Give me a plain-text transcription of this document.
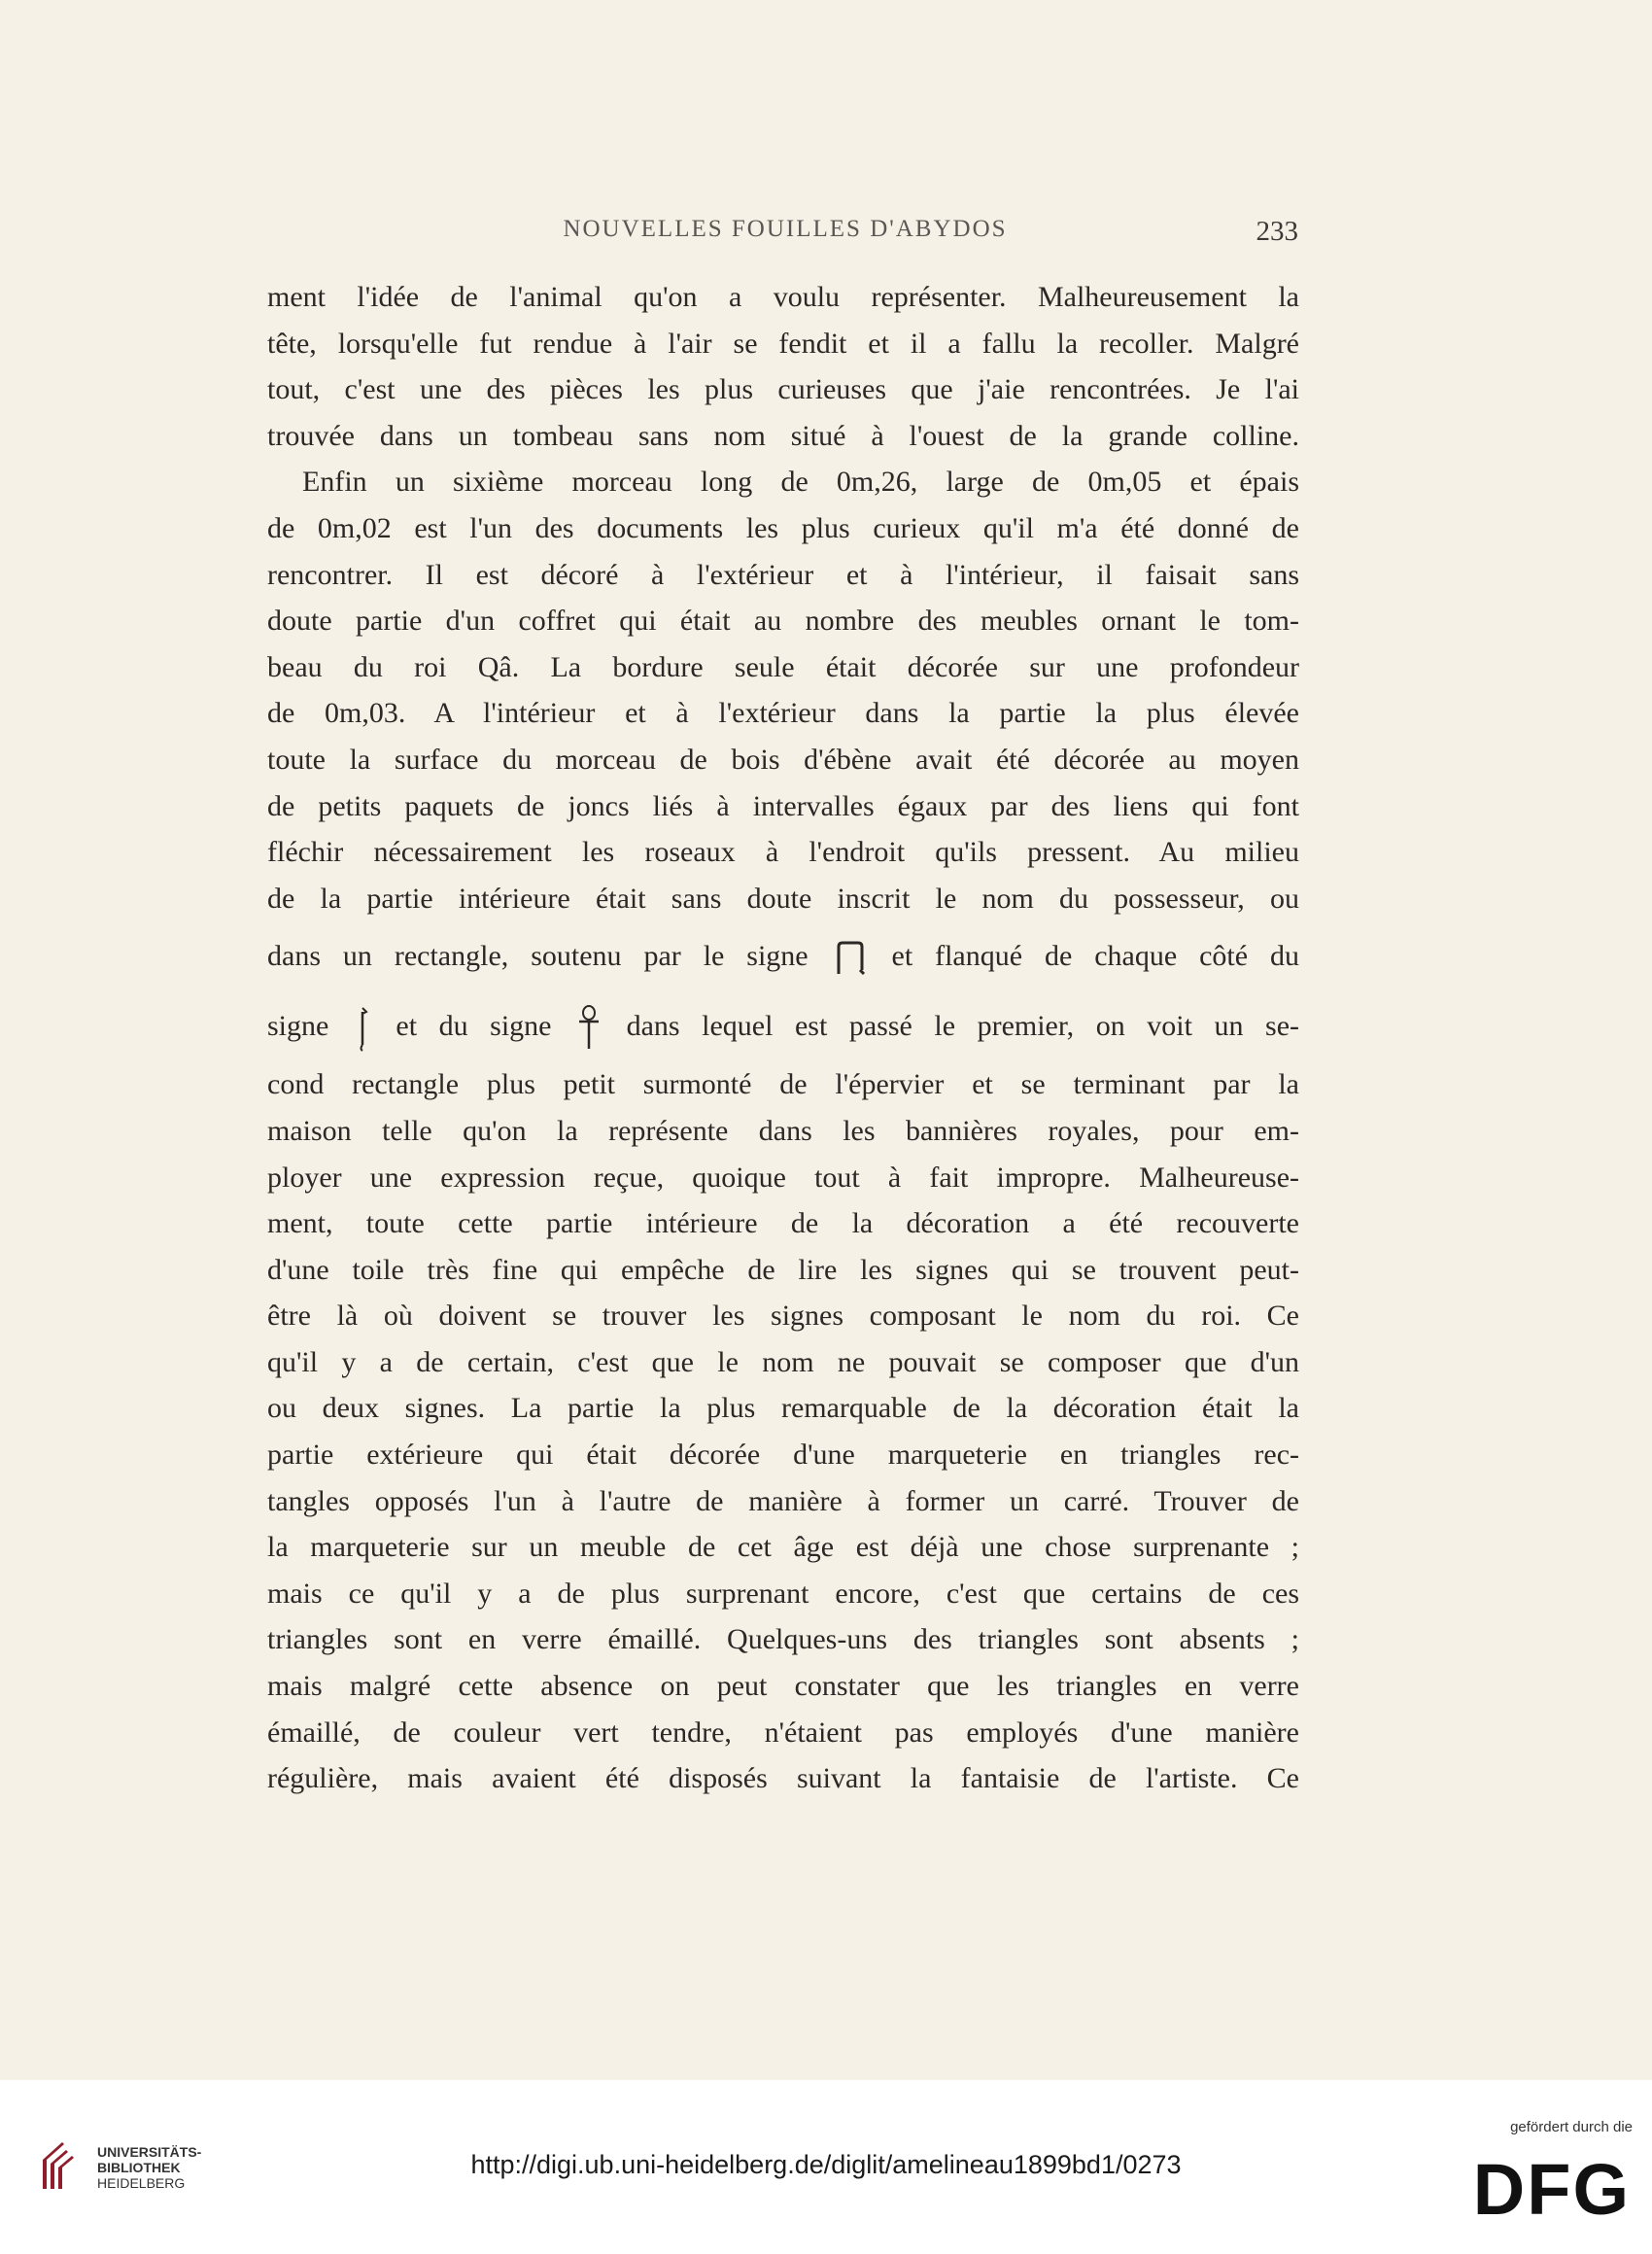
NOUVELLES FOUILLES D'ABYDOS	233
ment l'idée de l'animal qu'on a voulu représenter. Malheureusement la
tête, lorsqu'elle fut rendue à l'air se fendit et il a fallu la recoller. Malgré
tout, c'est une des pièces les plus curieuses que j'aie rencontrées. Je l'ai
trouvée dans un tombeau sans nom situé à l'ouest de la grande colline.
Enfin un sixième morceau long de 0m,26, large de 0m,05 et épais
de 0m,02 est l'un des documents les plus curieux qu'il m'a été donné de
rencontrer. Il est décoré à l'extérieur et à l'intérieur, il faisait sans
doute partie d'un coffret qui était au nombre des meubles ornant le tom-
beau du roi Qâ. La bordure seule était décorée sur une profondeur
de 0m,03. A l'intérieur et à l'extérieur dans la partie la plus élevée
toute la surface du morceau de bois d'ébène avait été décorée au moyen
de petits paquets de joncs liés à intervalles égaux par des liens qui font
fléchir nécessairement les roseaux à l'endroit qu'ils pressent. Au milieu
de la partie intérieure était sans doute inscrit le nom du possesseur, ou
dans un rectangle, soutenu par le signe	et flanqué de chaque côté du
signe et du signe	dans lequel est passé le premier, on voit un se-
cond rectangle plus petit surmonté de l'épervier et se terminant par la
maison telle qu'on la représente dans les bannières royales, pour em-
ployer une expression reçue, quoique tout à fait impropre. Malheureuse-
ment, toute cette partie intérieure de la décoration a été recouverte
d'une toile très fine qui empêche de lire les signes qui se trouvent peut-
être là où doivent se trouver les signes composant le nom du roi. Ce
qu'il y a de certain, c'est que le nom ne pouvait se composer que d'un
ou deux signes. La partie la plus remarquable de la décoration était la
partie extérieure qui était décorée d'une marqueterie en triangles rec-
tangles opposés l'un à l'autre de manière à former un carré. Trouver de
la marqueterie sur un meuble de cet âge est déjà une chose surprenante ;
mais ce qu'il y a de plus surprenant encore, c'est que certains de ces
triangles sont en verre émaillé. Quelques-uns des triangles sont absents ;
mais malgré cette absence on peut constater que les triangles en verre
émaillé, de couleur vert tendre, n'étaient pas employés d'une manière
régulière, mais avaient été disposés suivant la fantaisie de l'artiste. Ce
UNIVERSITÄTS-
BIBLIOTHEK
HEIDELBERG
http://digi.ub.uni-heidelberg.de/diglit/amelineau1899bd1/0273
gefördert durch die
DFG
